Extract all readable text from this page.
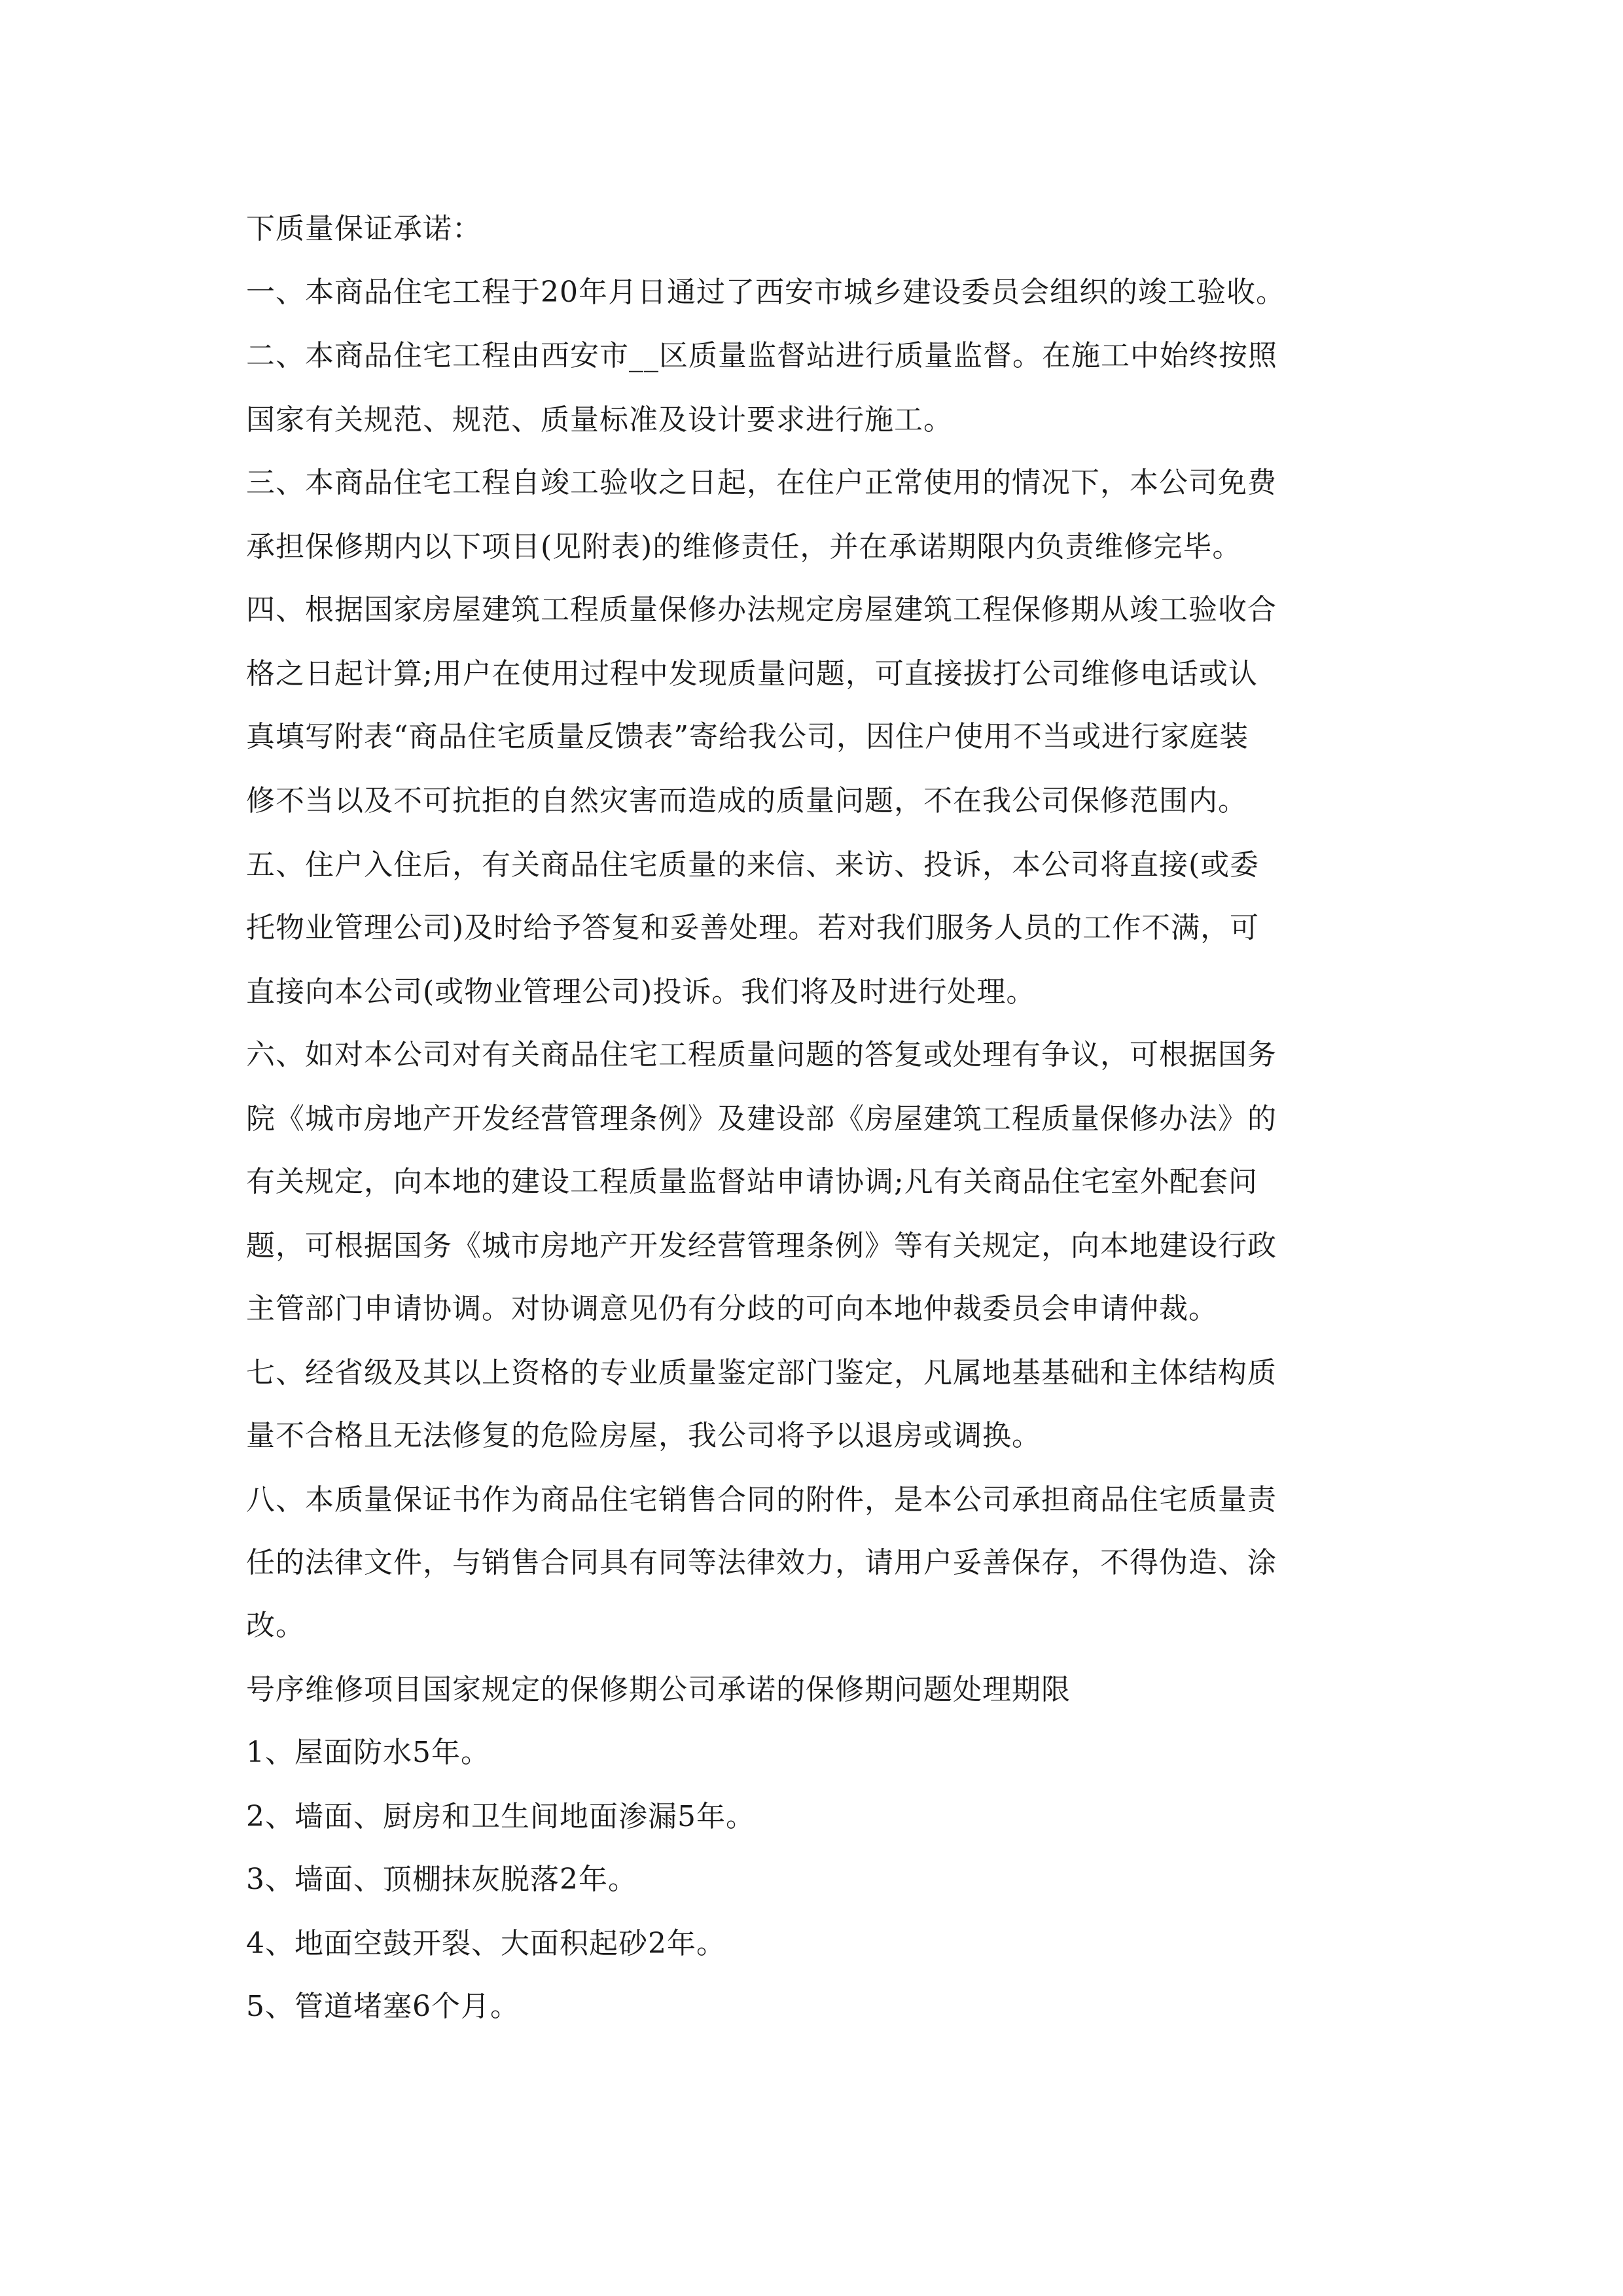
下质量保证承诺：
一、本商品住宅工程于20年月日通过了西安市城乡建设委员会组织的竣工验收。
二、本商品住宅工程由西安市__区质量监督站进行质量监督。在施工中始终按照
国家有关规范、规范、质量标准及设计要求进行施工。
三、本商品住宅工程自竣工验收之日起，在住户正常使用的情况下，本公司免费
承担保修期内以下项目(见附表)的维修责任，并在承诺期限内负责维修完毕。
四、根据国家房屋建筑工程质量保修办法规定房屋建筑工程保修期从竣工验收合
格之日起计算;用户在使用过程中发现质量问题，可直接拔打公司维修电话或认
真填写附表“商品住宅质量反馈表”寄给我公司，因住户使用不当或进行家庭装
修不当以及不可抗拒的自然灾害而造成的质量问题，不在我公司保修范围内。
五、住户入住后，有关商品住宅质量的来信、来访、投诉，本公司将直接(或委
托物业管理公司)及时给予答复和妥善处理。若对我们服务人员的工作不满，可
直接向本公司(或物业管理公司)投诉。我们将及时进行处理。
六、如对本公司对有关商品住宅工程质量问题的答复或处理有争议，可根据国务
院《城市房地产开发经营管理条例》及建设部《房屋建筑工程质量保修办法》的
有关规定，向本地的建设工程质量监督站申请协调;凡有关商品住宅室外配套问
题，可根据国务《城市房地产开发经营管理条例》等有关规定，向本地建设行政
主管部门申请协调。对协调意见仍有分歧的可向本地仲裁委员会申请仲裁。
七、经省级及其以上资格的专业质量鉴定部门鉴定，凡属地基基础和主体结构质
量不合格且无法修复的危险房屋，我公司将予以退房或调换。
八、本质量保证书作为商品住宅销售合同的附件，是本公司承担商品住宅质量责
任的法律文件，与销售合同具有同等法律效力，请用户妥善保存，不得伪造、涂
改。
号序维修项目国家规定的保修期公司承诺的保修期问题处理期限
1、屋面防水5年。
2、墙面、厨房和卫生间地面渗漏5年。
3、墙面、顶棚抹灰脱落2年。
4、地面空鼓开裂、大面积起砂2年。
5、管道堵塞6个月。
